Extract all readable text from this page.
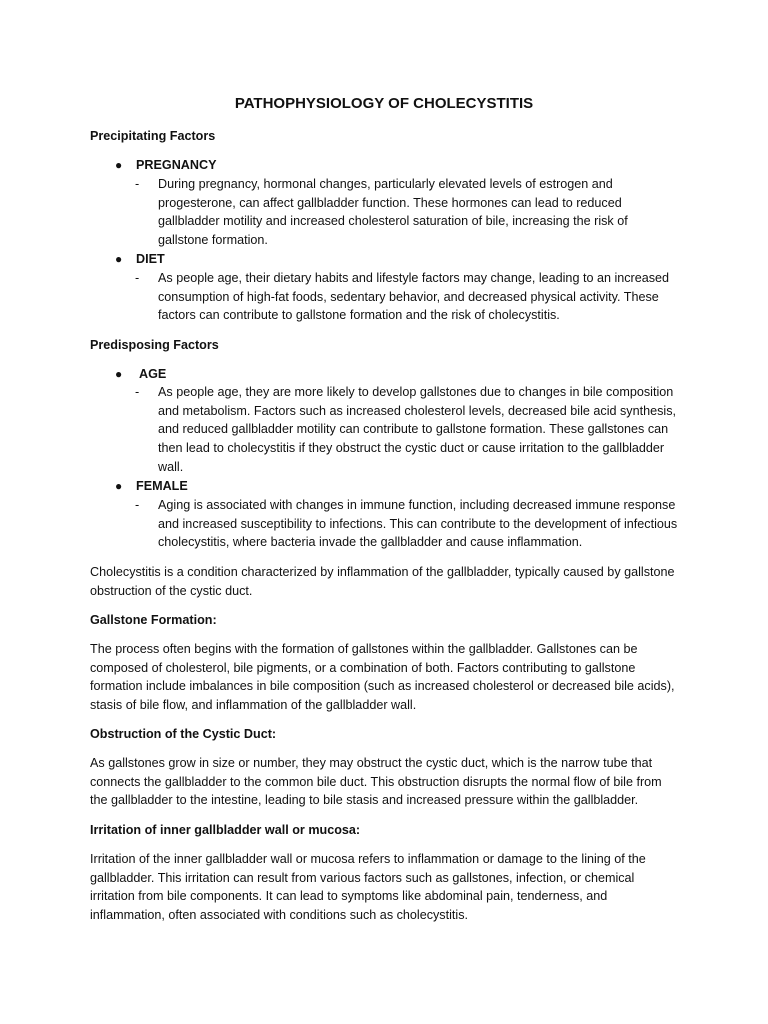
PATHOPHYSIOLOGY OF CHOLECYSTITIS
Precipitating Factors
● PREGNANCY
- During pregnancy, hormonal changes, particularly elevated levels of estrogen and progesterone, can affect gallbladder function. These hormones can lead to reduced gallbladder motility and increased cholesterol saturation of bile, increasing the risk of gallstone formation.
● DIET
- As people age, their dietary habits and lifestyle factors may change, leading to an increased consumption of high-fat foods, sedentary behavior, and decreased physical activity. These factors can contribute to gallstone formation and the risk of cholecystitis.
Predisposing Factors
● AGE
- As people age, they are more likely to develop gallstones due to changes in bile composition and metabolism. Factors such as increased cholesterol levels, decreased bile acid synthesis, and reduced gallbladder motility can contribute to gallstone formation. These gallstones can then lead to cholecystitis if they obstruct the cystic duct or cause irritation to the gallbladder wall.
● FEMALE
- Aging is associated with changes in immune function, including decreased immune response and increased susceptibility to infections. This can contribute to the development of infectious cholecystitis, where bacteria invade the gallbladder and cause inflammation.
Cholecystitis is a condition characterized by inflammation of the gallbladder, typically caused by gallstone obstruction of the cystic duct.
Gallstone Formation:
The process often begins with the formation of gallstones within the gallbladder. Gallstones can be composed of cholesterol, bile pigments, or a combination of both. Factors contributing to gallstone formation include imbalances in bile composition (such as increased cholesterol or decreased bile acids), stasis of bile flow, and inflammation of the gallbladder wall.
Obstruction of the Cystic Duct:
As gallstones grow in size or number, they may obstruct the cystic duct, which is the narrow tube that connects the gallbladder to the common bile duct. This obstruction disrupts the normal flow of bile from the gallbladder to the intestine, leading to bile stasis and increased pressure within the gallbladder.
Irritation of inner gallbladder wall or mucosa:
Irritation of the inner gallbladder wall or mucosa refers to inflammation or damage to the lining of the gallbladder. This irritation can result from various factors such as gallstones, infection, or chemical irritation from bile components. It can lead to symptoms like abdominal pain, tenderness, and inflammation, often associated with conditions such as cholecystitis.
